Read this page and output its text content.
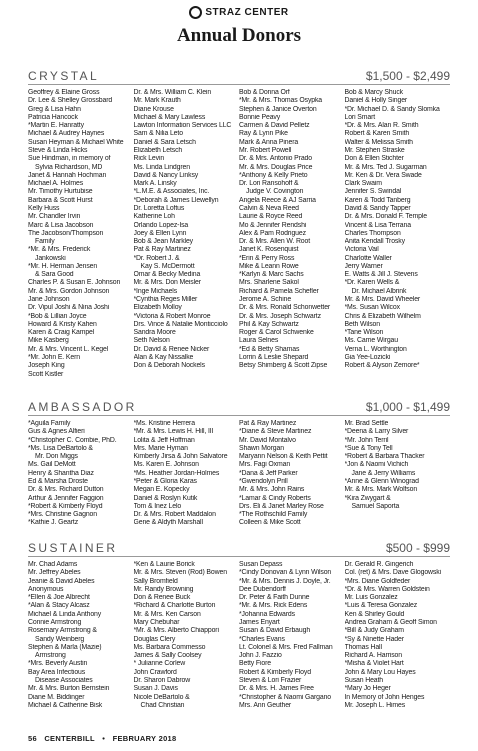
STRAZ CENTER
Annual Donors
CRYSTAL	$1,500 - $2,499
Geoffrey & Elaine Gross
Dr. Lee & Shelley Grossbard
Greg & Lisa Hahn
Patricia Hancock
*Martin E. Hanratty
Michael & Audrey Haynes
Susan Heyman & Michael White
Steve & Linda Hicks
Sue Hindman, in memory of
Sylvia Richardson, MD
Janet & Hannah Hochman
Michael A. Holmes
Mr. Timothy Hurtubise
Barbara & Scott Hurst
Kelly Huss
Mr. Chandler Irvin
Marc & Lisa Jacobson
The Jacobson/Thompson
Family
*Mr. & Mrs. Frederick
Jankowski
*Mr. H. Herman Jensen
& Sara Good
Charles P. & Susan E. Johnson
Mr. & Mrs. Gordon Johnson
Jane Johnson
Dr. Vipul Joshi & Nina Joshi
*Bob & Lillian Joyce
Howard & Kristy Kahen
Karen & Craig Kampel
Mike Kasberg
Mr. & Mrs. Vincent L. Kegel
*Mr. John E. Kern
Joseph King
Scott Kistler
Dr. & Mrs. William C. Klein
Mr. Mark Krauth
Diane Krouse
Michael & Mary Lawless
Lawton Information Services LLC
Sam & Nilia Leto
Daniel & Sara Letsch
Elizabeth Letsch
Rick Levin
Ms. Linda Lindgren
David & Nancy Linksy
Mark A. Linsky
*L.M.E. & Associates, Inc.
*Deborah & James Llewellyn
Dr. Loretta Loftus
Katherine Loh
Orlando Lopez-Isa
Joey & Ellen Lynn
Bob & Jean Markley
Pat & Ray Martinez
*Dr. Robert J. &
Kay S. McDermott
Omar & Becky Medina
Mr. & Mrs. Don Meisler
*Inge Michaels
*Cynthia Reges Miller
Elizabeth Molloy
*Victoria & Robert Monroe
Drs. Vince & Natalie Monticciolo
Sandra Moore
Seth Nelson
Dr. David & Renee Nicker
Alan & Kay Nissalke
Don & Deborah Nockels
Bob & Donna Orf
*Mr. & Mrs. Thomas Osypka
Stephen & Janice Overton
Bonnie Peavy
Carmen & David Pelletz
Ray & Lynn Pike
Mark & Anna Pinera
Mr. Robert Powell
Dr. & Mrs. Antonio Prado
Mr. & Mrs. Douglas Price
*Anthony & Kelly Prieto
Dr. Lori Ransohoff &
Judge V. Covington
Angela Reece & AJ Sarria
Calvin & Neva Reed
Laurie & Royce Reed
Mo & Jennifer Rendshi
Alex & Pam Rodriguez
Dr. & Mrs. Allen W. Root
Janet K. Rosenquist
*Erin & Perry Ross
Mike & Leann Rowe
*Karlyn & Marc Sachs
Mrs. Sharlene Sakol
Richard & Pamela Schefler
Jerome A. Schine
Dr. & Mrs. Ronald Schonwetter
Dr. & Mrs. Joseph Schwartz
Phil & Kay Schwartz
Roger & Carol Schwenke
Laura Selnes
*Ed & Betty Shamas
Lorrin & Leslie Shepard
Betsy Shimberg & Scott Zipse
Bob & Marcy Shuck
Daniel & Holly Singer
*Dr. Michael D. & Sandy Slomka
Lori Smart
*Dr. & Mrs. Alan R. Smith
Robert & Karen Smith
Walter & Melissa Smith
Mr. Stephen Straske
Don & Ellen Stichter
Mr. & Mrs. Ted J. Sugarman
Mr. Ken & Dr. Vera Swade
Clark Swaim
Jennifer S. Swindal
Karen & Todd Tanberg
David & Sandy Tapper
Dr. & Mrs. Donald F. Temple
Vincent & Lisa Terrana
Charles Thompson
Anita Kendall Trosky
Victoria Vail
Charlotte Waller
Jerry Warner
E. Watts & Jill J. Stevens
*Dr. Karen Wells &
Dr. Michael Albrink
Mr. & Mrs. David Wheeler
*Ms. Susan Wilcox
Chris & Elizabeth Wilhelm
Beth Wilson
*Tane Wilson
Ms. Carrie Wirgau
Verna L. Worthington
Gia Yee-Lozicki
Robert & Alyson Zemore*
AMBASSADOR	$1,000 - $1,499
*Aguila Family
Gus & Agnes Alfieri
*Christopher C. Combie, PhD.
*Ms. Lisa DeBartolo &
Mr. Don Miggs
Ms. Gail DeMott
Henry & Shantha Diaz
Ed & Marsha Droste
Dr. & Mrs. Richard Dutton
Arthur & Jennifer Faggion
*Robert & Kimberly Floyd
*Mrs. Christine Gagnon
*Kathie J. Geartz
*Ms. Kristine Herrera
*Mr. & Mrs. Lewis H. Hill, III
Lolita & Jeff Hoffman
Mrs. Marie Hyman
Kimberly Jirsa & John Salvatore
Ms. Karen E. Johnson
*Ms. Heather Jordan-Holmes
*Peter & Gloria Karas
Megan E. Kopecky
Daniel & Roslyn Kutik
Tom & Inez Lelo
Dr. & Mrs. Robert Maddalon
Gene & Aldyth Marshall
Pat & Ray Martinez
*Diane & Steve Martinez
Mr. David Montalvo
Shawn Morgan
Maryann Nelson & Keith Pettit
Mrs. Fagi Oxman
*Dana & Jeff Parker
*Gwendolyn Prill
Mr. & Mrs. John Rains
*Lamar & Cindy Roberts
Drs. Eli & Janet Marley Rose
*The Rothschild Family
Colleen & Mike Scott
Mr. Brad Settle
*Deena & Larry Silver
*Mr. John Terril
*Sue & Tony Tell
*Robert & Barbara Thacker
*Jon & Naomi Vichich
Jane & Jerry Williams
*Anne & Glenn Winograd
Mr. & Mrs. Mark Wolfson
*Kira Zwygart &
Samuel Saporta
SUSTAINER	$500 - $999
Mr. Chad Adams
Mr. Jeffrey Abeles
Jeanie & David Abeles
Anonymous
*Ellen & Joe Albrecht
*Alan & Stacy Alcasz
Michael & Linda Anthony
Connie Armstrong
Rosemary Armstrong &
Sandy Weinberg
Stephen & Marla (Mazie)
Armstrong
*Mrs. Beverly Austin
Bay Area Infectious
Disease Associates
Mr. & Mrs. Burton Bernstein
Diane M. Biddinger
Michael & Catherine Bisk
*Ken & Laurie Borick
Mr. & Mrs. Steven (Rod) Bowen
Sally Bromfield
Mr. Randy Browning
Don & Renee Buck
*Richard & Charlotte Burton
Mr. & Mrs. Ken Carson
Mary Chebuhar
*Mr. & Mrs. Alberto Chiappori
Douglas Clery
Ms. Barbara Commesso
James & Sally Coolsey
* Julianne Corlew
John Crawford
Dr. Sharon Dabrow
Susan J. Davis
Nicole DeBartolo &
Chad Christian
Susan Depass
*Cindy Donovan & Lynn Wilson
*Mr. & Mrs. Dennis J. Doyle, Jr.
Dee Dubendorff
Dr. Peter & Faith Dunne
*Mr. & Mrs. Rick Edens
*Johanna Edwards
James Enyart
Susan & David Erbaugh
*Charles Evans
Lt. Colonel & Mrs. Fred Fallman
John J. Fazzio
Betty Fiore
Robert & Kimberly Floyd
Steven & Lori Frazier
Dr. & Mrs. H. James Free
*Christopher & Naomi Gargano
Mrs. Ann Geuther
Dr. Gerald R. Gingerich
Col. (ret) & Mrs. Dave Glogowski
*Mrs. Diane Goldfeder
*Dr. & Mrs. Warren Goldstein
Mr. Luis Gonzalez
*Luis & Teresa Gonzalez
Ken & Shirley Gould
Andrea Graham & Geoff Simon
*Bill & Judy Graham
*Sy & Ninette Hader
Thomas Hall
Richard A. Harrison
*Misha & Violet Hart
John & Mary Lou Hayes
Susan Heath
*Mary Jo Heger
In Memory of John Henges
Mr. Joseph L. Himes
56 CENTERBILL • FEBRUARY 2018
